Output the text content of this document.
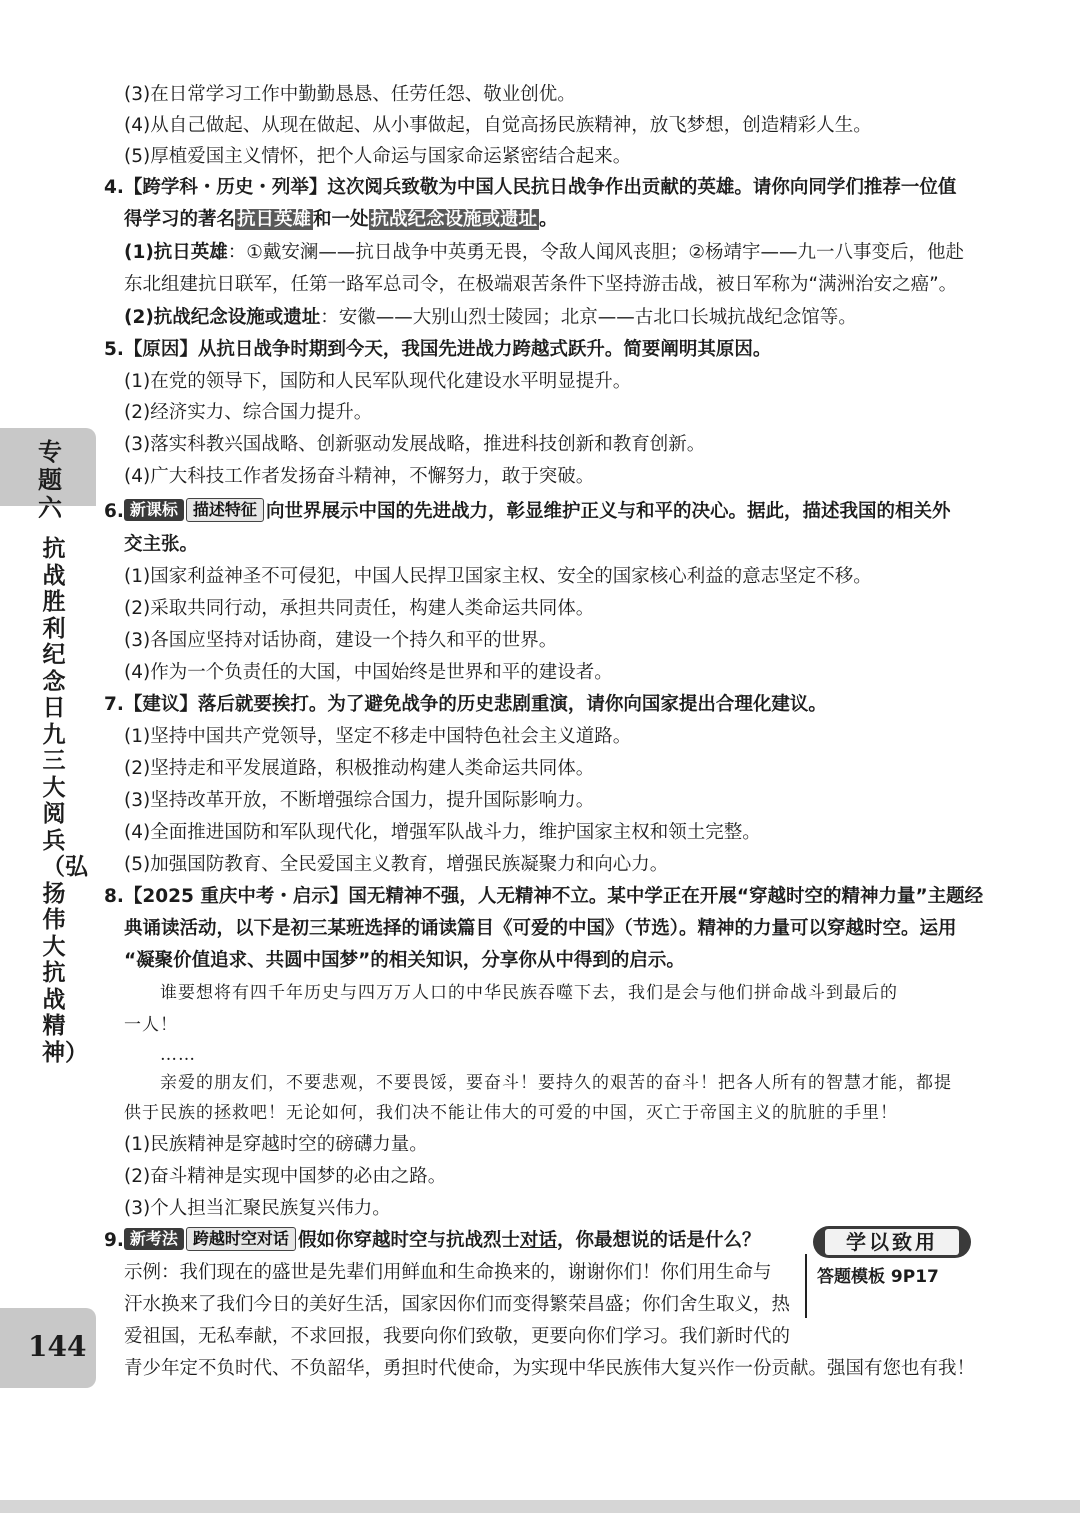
专题六
抗战胜利纪念日九三大阅兵（弘扬伟大抗战精神）
144
(3)在日常学习工作中勤勤恳恳、任劳任怨、敬业创优。
(4)从自己做起、从现在做起、从小事做起，自觉高扬民族精神，放飞梦想，创造精彩人生。
(5)厚植爱国主义情怀，把个人命运与国家命运紧密结合起来。
4.【跨学科・历史・列举】这次阅兵致敬为中国人民抗日战争作出贡献的英雄。请你向同学们推荐一位值
得学习的著名 抗日英雄 和一处 抗战纪念设施或遗址 。
(1)抗日英雄：①戴安澜——抗日战争中英勇无畏，令敌人闻风丧胆；②杨靖宇——九一八事变后，他赴
东北组建抗日联军，任第一路军总司令，在极端艰苦条件下坚持游击战，被日军称为“满洲治安之癌”。
(2)抗战纪念设施或遗址：安徽——大别山烈士陵园；北京——古北口长城抗战纪念馆等。
5.【原因】从抗日战争时期到今天，我国先进战力跨越式跃升。简要阐明其原因。
(1)在党的领导下，国防和人民军队现代化建设水平明显提升。
(2)经济实力、综合国力提升。
(3)落实科教兴国战略、创新驱动发展战略，推进科技创新和教育创新。
(4)广大科技工作者发扬奋斗精神，不懈努力，敢于突破。
6. 新课标 描述特征 向世界展示中国的先进战力，彰显维护正义与和平的决心。据此，描述我国的相关外
交主张。
(1)国家利益神圣不可侵犯，中国人民捍卫国家主权、安全的国家核心利益的意志坚定不移。
(2)采取共同行动，承担共同责任，构建人类命运共同体。
(3)各国应坚持对话协商，建设一个持久和平的世界。
(4)作为一个负责任的大国，中国始终是世界和平的建设者。
7.【建议】落后就要挨打。为了避免战争的历史悲剧重演，请你向国家提出合理化建议。
(1)坚持中国共产党领导，坚定不移走中国特色社会主义道路。
(2)坚持走和平发展道路，积极推动构建人类命运共同体。
(3)坚持改革开放，不断增强综合国力，提升国际影响力。
(4)全面推进国防和军队现代化，增强军队战斗力，维护国家主权和领土完整。
(5)加强国防教育、全民爱国主义教育，增强民族凝聚力和向心力。
8.【2025 重庆中考・启示】国无精神不强，人无精神不立。某中学正在开展“穿越时空的精神力量”主题经
典诵读活动，以下是初三某班选择的诵读篇目《可爱的中国》（节选）。精神的力量可以穿越时空。运用
“凝聚价值追求、共圆中国梦”的相关知识，分享你从中得到的启示。
谁要想将有四千年历史与四万万人口的中华民族吞噬下去，我们是会与他们拼命战斗到最后的
一人！
……
亲爱的朋友们，不要悲观，不要畏馁，要奋斗！要持久的艰苦的奋斗！把各人所有的智慧才能，都提
供于民族的拯救吧！无论如何，我们决不能让伟大的可爱的中国，灭亡于帝国主义的肮脏的手里！
(1)民族精神是穿越时空的磅礴力量。
(2)奋斗精神是实现中国梦的必由之路。
(3)个人担当汇聚民族复兴伟力。
9. 新考法 跨越时空对话 假如你穿越时空与抗战烈士对话，你最想说的话是什么？
示例：我们现在的盛世是先辈们用鲜血和生命换来的，谢谢你们！你们用生命与
汗水换来了我们今日的美好生活，国家因你们而变得繁荣昌盛；你们舍生取义，热
爱祖国，无私奉献，不求回报，我要向你们致敬，更要向你们学习。我们新时代的
青少年定不负时代、不负韶华，勇担时代使命，为实现中华民族伟大复兴作一份贡献。强国有您也有我！
学以致用
答题模板 9P17
